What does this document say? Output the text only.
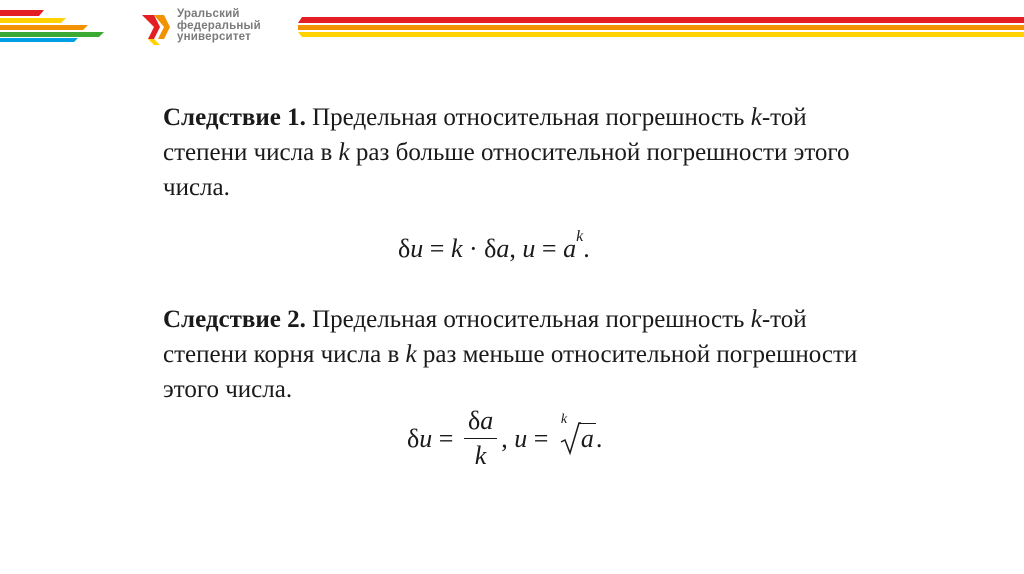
Уральский
федеральный
университет

Следствие 1. Предельная относительная погрешность k-той степени числа в k раз больше относительной погрешности этого числа.

δu = k · δa, $u = a^k$.

Следствие 2. Предельная относительная погрешность k-той степени корня числа в k раз меньше относительной погрешности этого числа.

δ $u = \frac{\delta a}{k}$ , u =
k
a .
